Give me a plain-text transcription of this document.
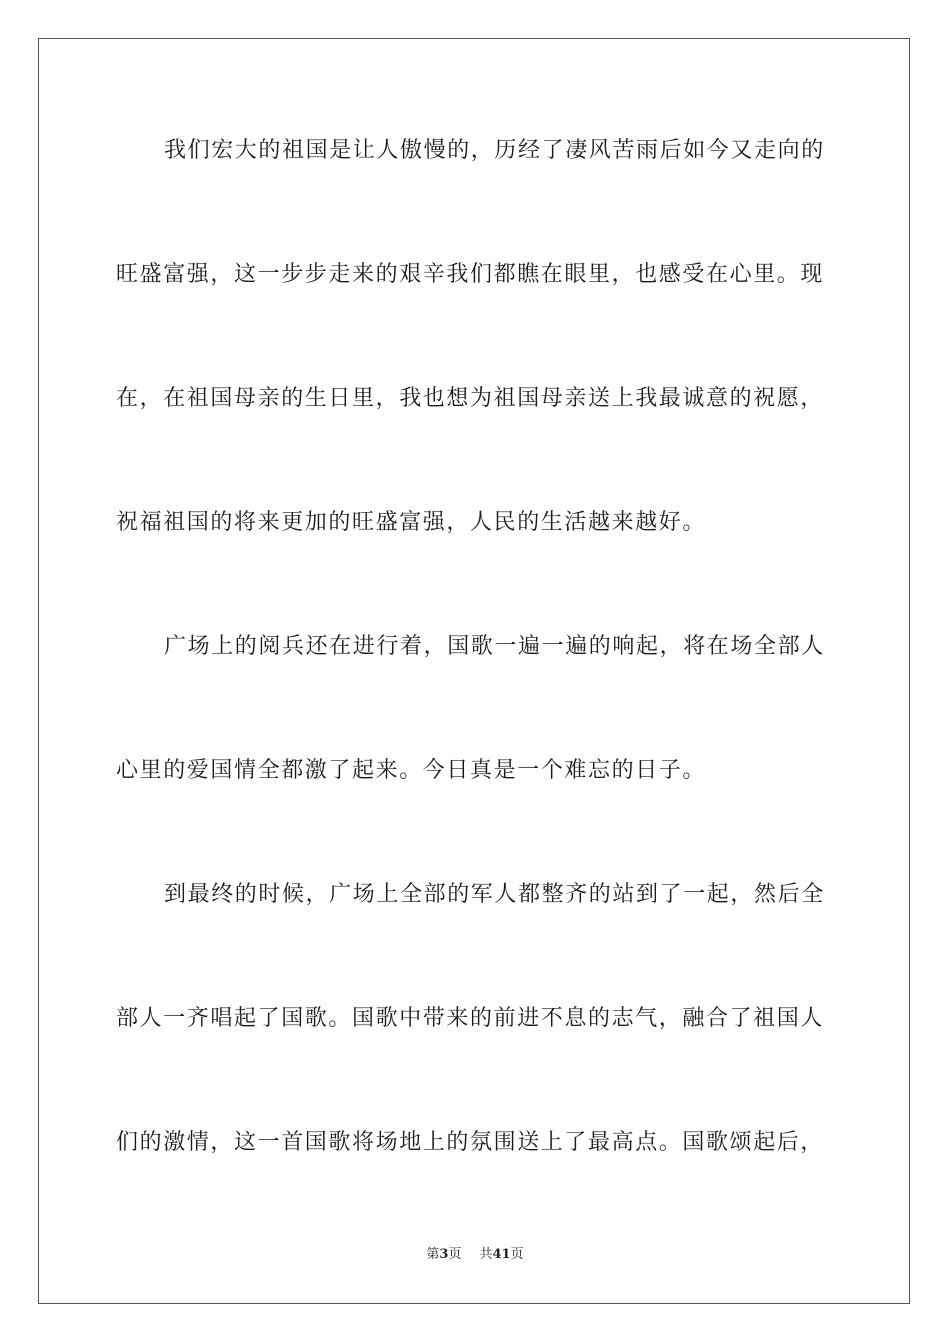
我们宏大的祖国是让人傲慢的，历经了凄风苦雨后如今又走向的
旺盛富强，这一步步走来的艰辛我们都瞧在眼里，也感受在心里。现
在，在祖国母亲的生日里，我也想为祖国母亲送上我最诚意的祝愿，
祝福祖国的将来更加的旺盛富强，人民的生活越来越好。
广场上的阅兵还在进行着，国歌一遍一遍的响起，将在场全部人
心里的爱国情全都激了起来。今日真是一个难忘的日子。
到最终的时候，广场上全部的军人都整齐的站到了一起，然后全
部人一齐唱起了国歌。国歌中带来的前进不息的志气，融合了祖国人
们的激情，这一首国歌将场地上的氛围送上了最高点。国歌颂起后，
第3页 共41页
